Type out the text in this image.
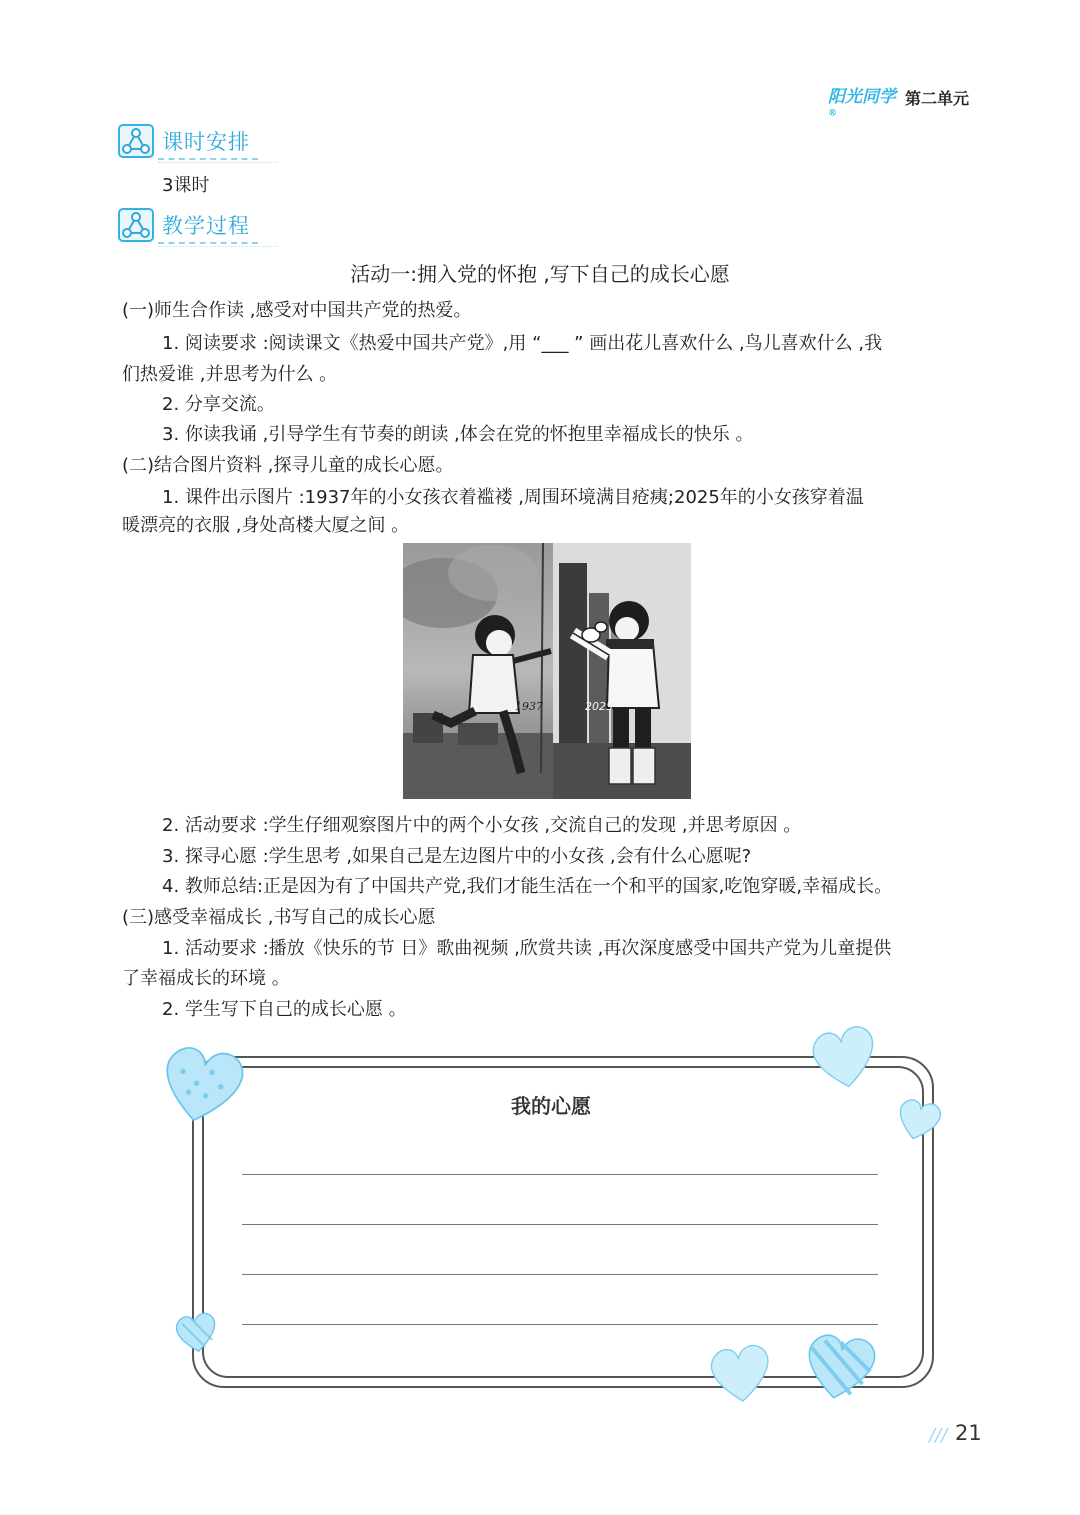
阳光同学®
第二单元
课时安排
3课时
教学过程
活动一:拥入党的怀抱 ,写下自己的成长心愿
(一)师生合作读 ,感受对中国共产党的热爱。
1. 阅读要求 :阅读课文《热爱中国共产党》,用 “___ ” 画出花儿喜欢什么 ,鸟儿喜欢什么 ,我
们热爱谁 ,并思考为什么 。
2. 分享交流。
3. 你读我诵 ,引导学生有节奏的朗读 ,体会在党的怀抱里幸福成长的快乐 。
(二)结合图片资料 ,探寻儿童的成长心愿。
1. 课件出示图片 :1937年的小女孩衣着褴褛 ,周围环境满目疮痍;2025年的小女孩穿着温
暖漂亮的衣服 ,身处高楼大厦之间 。
1937	2025
2. 活动要求 :学生仔细观察图片中的两个小女孩 ,交流自己的发现 ,并思考原因 。
3. 探寻心愿 :学生思考 ,如果自己是左边图片中的小女孩 ,会有什么心愿呢?
4. 教师总结:正是因为有了中国共产党,我们才能生活在一个和平的国家,吃饱穿暖,幸福成长。
(三)感受幸福成长 ,书写自己的成长心愿
1. 活动要求 :播放《快乐的节 日》歌曲视频 ,欣赏共读 ,再次深度感受中国共产党为儿童提供
了幸福成长的环境 。
2. 学生写下自己的成长心愿 。
我的心愿
/// 21
